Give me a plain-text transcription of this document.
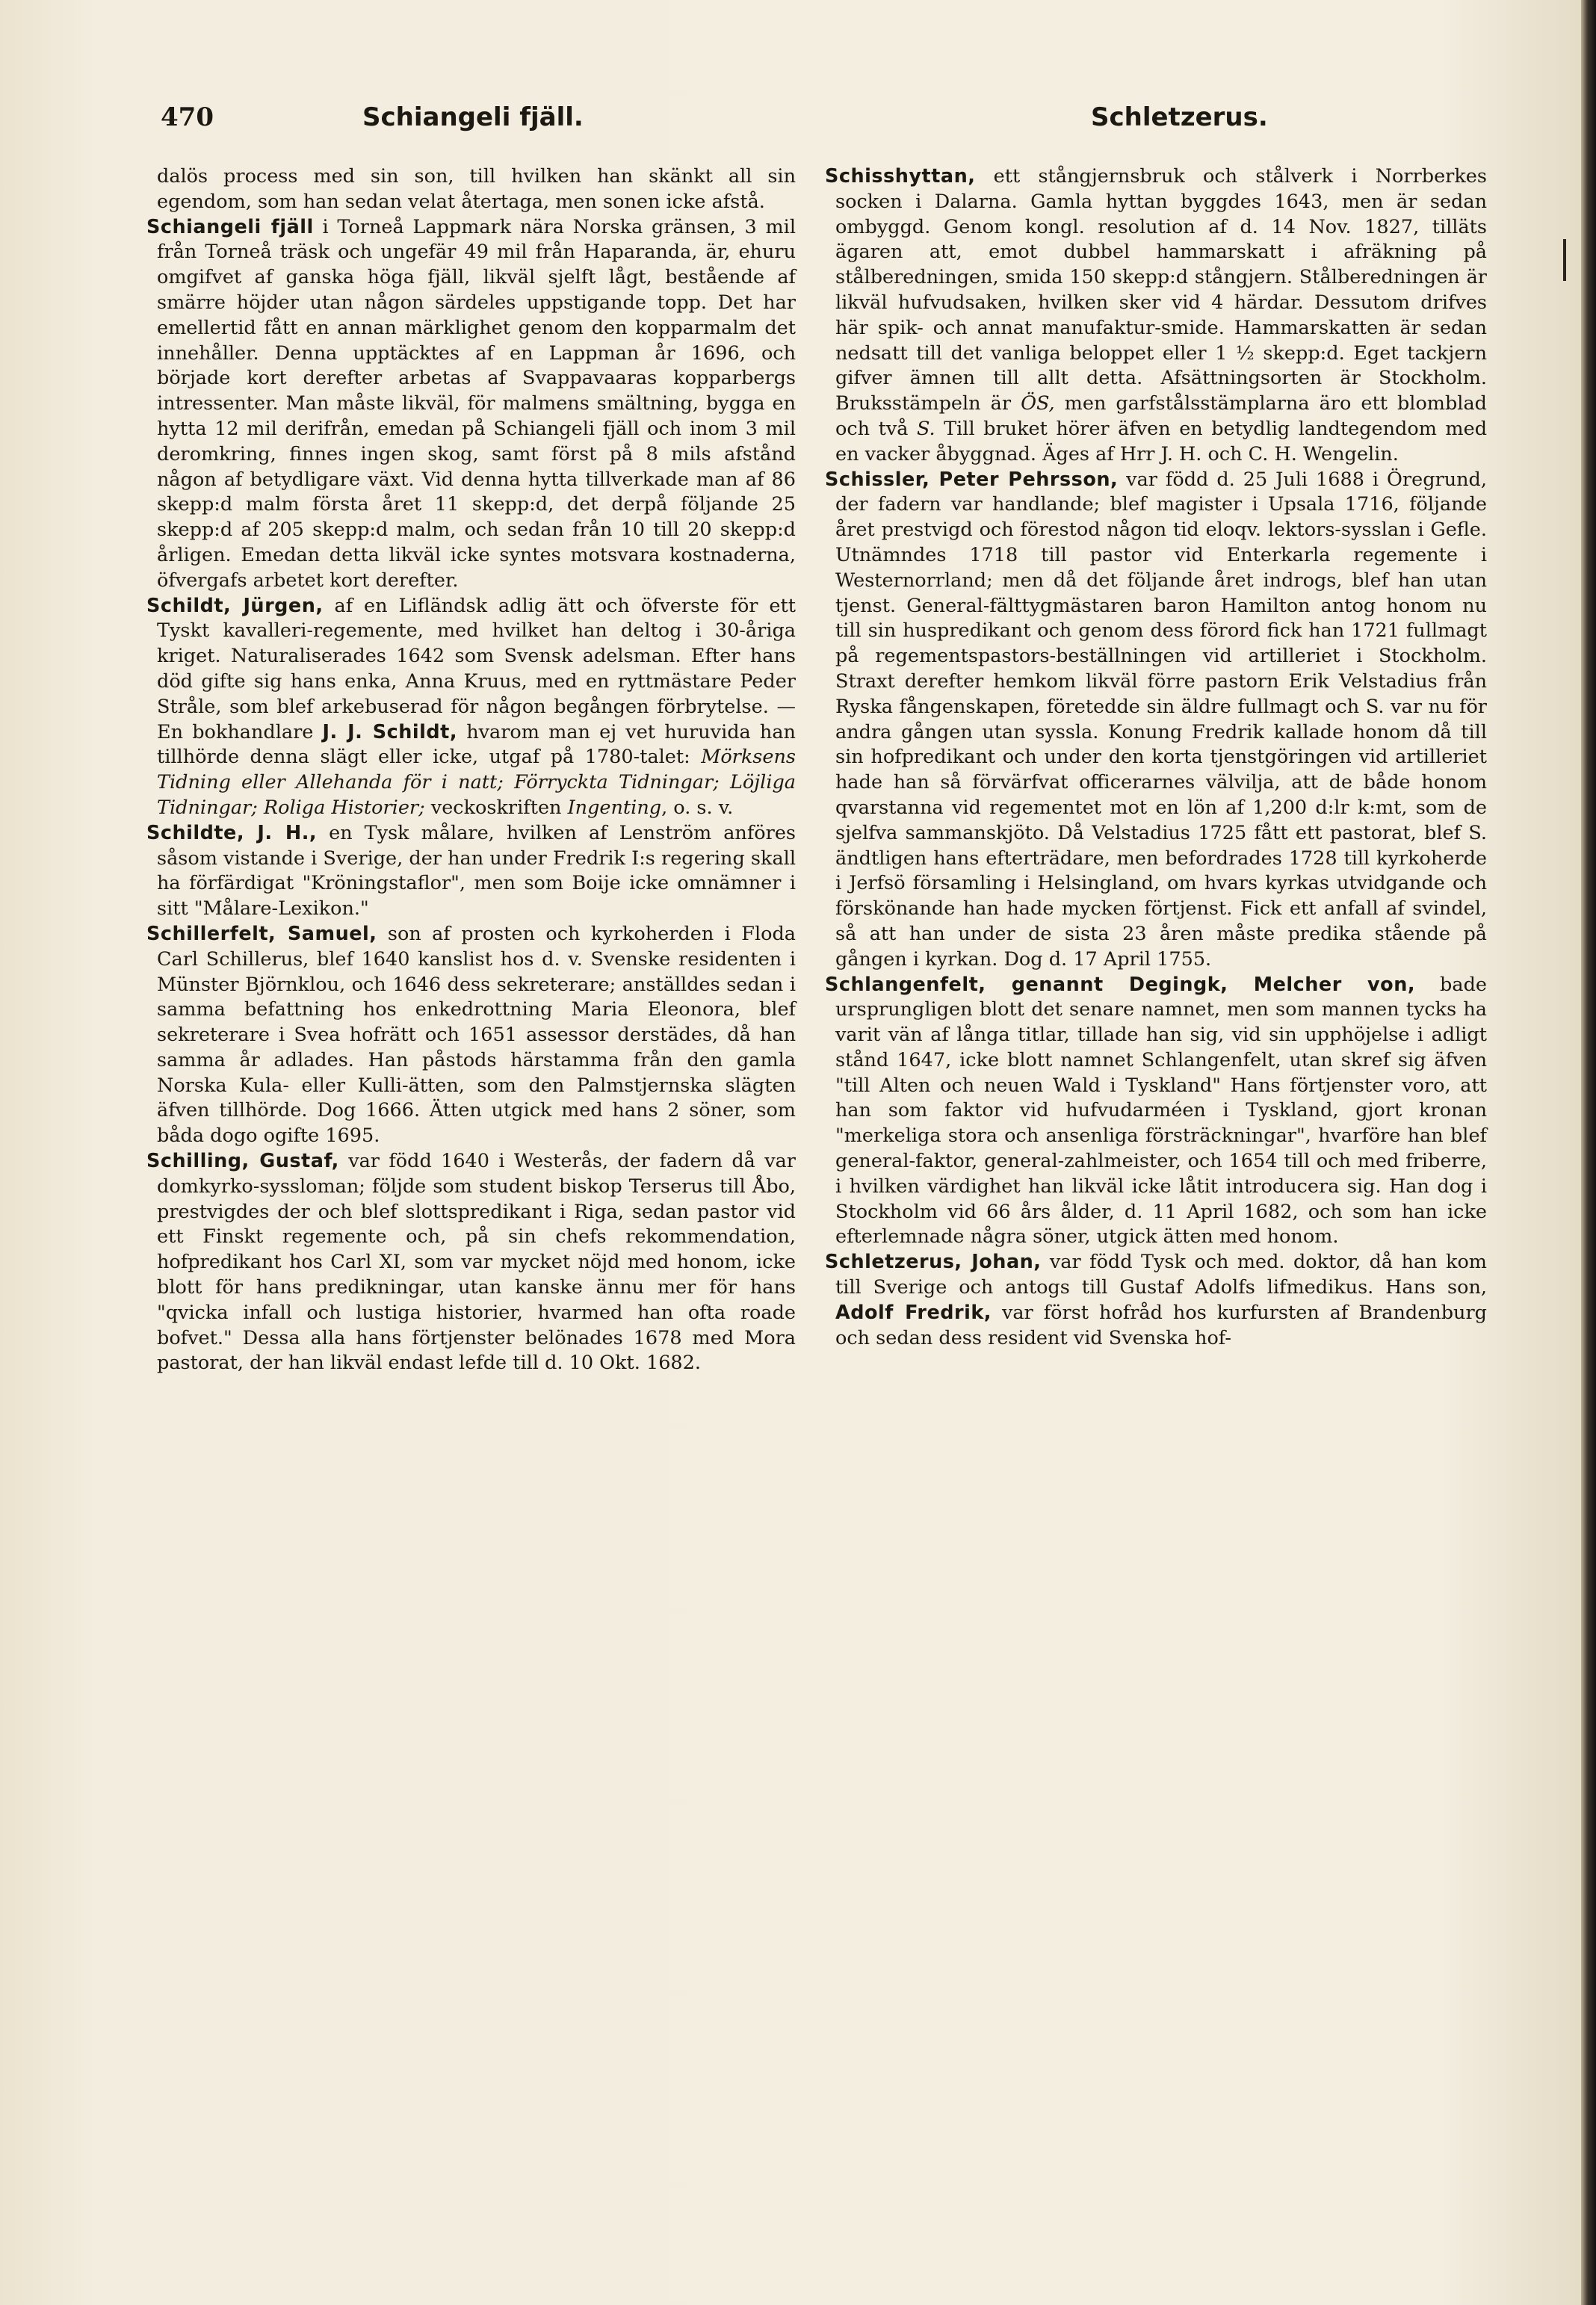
470	Schiangeli fjäll.	Schletzerus.

dalös process med sin son, till hvilken han skänkt all sin egendom, som han sedan velat återtaga, men sonen icke afstå.

Schiangeli fjäll i Torneå Lappmark nära Norska gränsen, 3 mil från Torneå träsk och ungefär 49 mil från Haparanda, är, ehuru omgifvet af ganska höga fjäll, likväl sjelft lågt, bestående af smärre höjder utan någon särdeles uppstigande topp. Det har emellertid fått en annan märklighet genom den kopparmalm det innehåller. Denna upptäcktes af en Lappman år 1696, och började kort derefter arbetas af Svappavaaras kopparbergs intressenter. Man måste likväl, för malmens smältning, bygga en hytta 12 mil derifrån, emedan på Schiangeli fjäll och inom 3 mil deromkring, finnes ingen skog, samt först på 8 mils afstånd någon af betydligare växt. Vid denna hytta tillverkade man af 86 skepp:d malm första året 11 skepp:d, det derpå följande 25 skepp:d af 205 skepp:d malm, och sedan från 10 till 20 skepp:d årligen. Emedan detta likväl icke syntes motsvara kostnaderna, öfvergafs arbetet kort derefter.

Schildt, Jürgen, af en Lifländsk adlig ätt och öfverste för ett Tyskt kavalleri-regemente, med hvilket han deltog i 30-åriga kriget. Naturaliserades 1642 som Svensk adelsman. Efter hans död gifte sig hans enka, Anna Kruus, med en ryttmästare Peder Stråle, som blef arkebuserad för någon begången förbrytelse. — En bokhandlare J. J. Schildt, hvarom man ej vet huruvida han tillhörde denna slägt eller icke, utgaf på 1780-talet: Mörksens Tidning eller Allehanda för i natt; Förryckta Tidningar; Löjliga Tidningar; Roliga Historier; veckoskriften Ingenting, o. s. v.

Schildte, J. H., en Tysk målare, hvilken af Lenström anföres såsom vistande i Sverige, der han under Fredrik I:s regering skall ha förfärdigat "Kröningstaflor", men som Boije icke omnämner i sitt "Målare-Lexikon."

Schillerfelt, Samuel, son af prosten och kyrkoherden i Floda Carl Schillerus, blef 1640 kanslist hos d. v. Svenske residenten i Münster Björnklou, och 1646 dess sekreterare; anställdes sedan i samma befattning hos enkedrottning Maria Eleonora, blef sekreterare i Svea hofrätt och 1651 assessor derstädes, då han samma år adlades. Han påstods härstamma från den gamla Norska Kula- eller Kulli-ätten, som den Palmstjernska slägten äfven tillhörde. Dog 1666. Ätten utgick med hans 2 söner, som båda dogo ogifte 1695.

Schilling, Gustaf, var född 1640 i Westerås, der fadern då var domkyrko-syssloman; följde som student biskop Terserus till Åbo, prestvigdes der och blef slottspredikant i Riga, sedan pastor vid ett Finskt regemente och, på sin chefs rekommendation, hofpredikant hos Carl XI, som var mycket nöjd med honom, icke blott för hans predikningar, utan kanske ännu mer för hans "qvicka infall och lustiga historier, hvarmed han ofta roade bofvet." Dessa alla hans förtjenster belönades 1678 med Mora pastorat, der han likväl endast lefde till d. 10 Okt. 1682.

Schisshyttan, ett stångjernsbruk och stålverk i Norrberkes socken i Dalarna. Gamla hyttan byggdes 1643, men är sedan ombyggd. Genom kongl. resolution af d. 14 Nov. 1827, tilläts ägaren att, emot dubbel hammarskatt i afräkning på stålberedningen, smida 150 skepp:d stångjern. Stålberedningen är likväl hufvudsaken, hvilken sker vid 4 härdar. Dessutom drifves här spik- och annat manufaktur-smide. Hammarskatten är sedan nedsatt till det vanliga beloppet eller 1 ½ skepp:d. Eget tackjern gifver ämnen till allt detta. Afsättningsorten är Stockholm. Bruksstämpeln är ÖS, men garfstålsstämplarna äro ett blomblad och två S. Till bruket hörer äfven en betydlig landtegendom med en vacker åbyggnad. Äges af Hrr J. H. och C. H. Wengelin.

Schissler, Peter Pehrsson, var född d. 25 Juli 1688 i Öregrund, der fadern var handlande; blef magister i Upsala 1716, följande året prestvigd och förestod någon tid eloqv. lektors-sysslan i Gefle. Utnämndes 1718 till pastor vid Enterkarla regemente i Westernorrland; men då det följande året indrogs, blef han utan tjenst. General-fälttygmästaren baron Hamilton antog honom nu till sin huspredikant och genom dess förord fick han 1721 fullmagt på regementspastors-beställningen vid artilleriet i Stockholm. Straxt derefter hemkom likväl förre pastorn Erik Velstadius från Ryska fångenskapen, företedde sin äldre fullmagt och S. var nu för andra gången utan syssla. Konung Fredrik kallade honom då till sin hofpredikant och under den korta tjenstgöringen vid artilleriet hade han så förvärfvat officerarnes välvilja, att de både honom qvarstanna vid regementet mot en lön af 1,200 d:lr k:mt, som de sjelfva sammanskjöto. Då Velstadius 1725 fått ett pastorat, blef S. ändtligen hans efterträdare, men befordrades 1728 till kyrkoherde i Jerfsö församling i Helsingland, om hvars kyrkas utvidgande och förskönande han hade mycken förtjenst. Fick ett anfall af svindel, så att han under de sista 23 åren måste predika stående på gången i kyrkan. Dog d. 17 April 1755.

Schlangenfelt, genannt Degingk, Melcher von, bade ursprungligen blott det senare namnet, men som mannen tycks ha varit vän af långa titlar, tillade han sig, vid sin upphöjelse i adligt stånd 1647, icke blott namnet Schlangenfelt, utan skref sig äfven "till Alten och neuen Wald i Tyskland" Hans förtjenster voro, att han som faktor vid hufvudarméen i Tyskland, gjort kronan "merkeliga stora och ansenliga försträckningar", hvarföre han blef general-faktor, general-zahlmeister, och 1654 till och med friberre, i hvilken värdighet han likväl icke låtit introducera sig. Han dog i Stockholm vid 66 års ålder, d. 11 April 1682, och som han icke efterlemnade några söner, utgick ätten med honom.

Schletzerus, Johan, var född Tysk och med. doktor, då han kom till Sverige och antogs till Gustaf Adolfs lifmedikus. Hans son, Adolf Fredrik, var först hofråd hos kurfursten af Brandenburg och sedan dess resident vid Svenska hof-
